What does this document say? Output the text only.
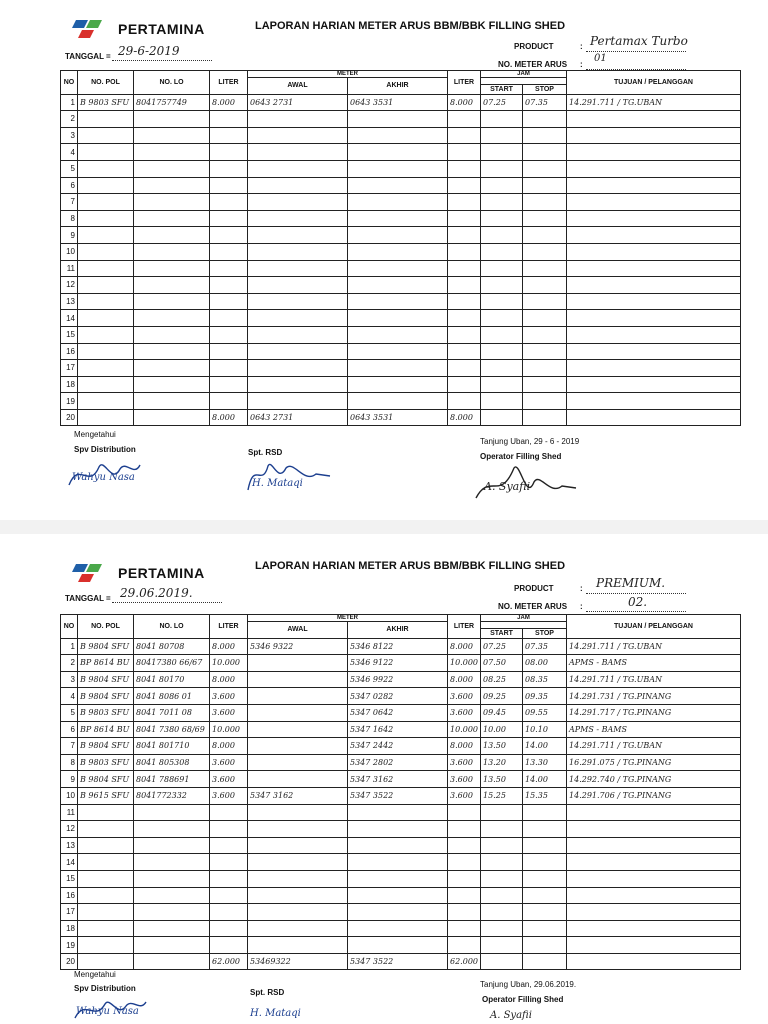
PERTAMINA	LAPORAN HARIAN METER ARUS BBM/BBK FILLING SHED
TANGGAL = 29-6-2019	PRODUCT	: Pertamax Turbo
NO. METER ARUS :
01
NO	NO. POL	NO. LO	LITER	METER		LITER	JAM		TUJUAN / PELANGGAN
				AWAL	AKHIR				
							START	STOP	
1	B 9803 SFU	8041757749	8.000	0643 2731	0643 3531	8.000	07.25	07.35	14.291.711 / TG.UBAN
2									
3									
4									
5									
6									
7									
8									
9									
10									
11									
12									
13									
14									
15									
16									
17									
18									
19									
20			8.000	0643 2731	0643 3531	8.000			
Mengetahui
Spv Distribution
Wahyu Nasa
Spt. RSD
H. Mataqi
Tanjung Uban, 29 - 6 - 2019
Operator Filling Shed
A. Syafii
PERTAMINA	LAPORAN HARIAN METER ARUS BBM/BBK FILLING SHED
TANGGAL = 29.06.2019.	PRODUCT	: PREMIUM.
NO. METER ARUS :	02.
NO	NO. POL	NO. LO	LITER	METER		LITER	JAM		TUJUAN / PELANGGAN
				AWAL	AKHIR				
							START	STOP	
1	B 9804 SFU	8041 80708	8.000	5346 9322	5346 8122	8.000	07.25	07.35	14.291.711 / TG.UBAN
2	BP 8614 BU	80417380 66/67	10.000		5346 9122	10.000	07.50	08.00	APMS - BAMS
3	B 9804 SFU	8041 80170	8.000		5346 9922	8.000	08.25	08.35	14.291.711 / TG.UBAN
4	B 9804 SFU	8041 8086 01	3.600		5347 0282	3.600	09.25	09.35	14.291.731 / TG.PINANG
5	B 9803 SFU	8041 7011 08	3.600		5347 0642	3.600	09.45	09.55	14.291.717 / TG.PINANG
6	BP 8614 BU	8041 7380 68/69	10.000		5347 1642	10.000	10.00	10.10	APMS - BAMS
7	B 9804 SFU	8041 801710	8.000		5347 2442	8.000	13.50	14.00	14.291.711 / TG.UBAN
8	B 9803 SFU	8041 805308	3.600		5347 2802	3.600	13.20	13.30	16.291.075 / TG.PINANG
9	B 9804 SFU	8041 788691	3.600		5347 3162	3.600	13.50	14.00	14.292.740 / TG.PINANG
10	B 9615 SFU	8041772332	3.600	5347 3162	5347 3522	3.600	15.25	15.35	14.291.706 / TG.PINANG
11									
12									
13									
14									
15									
16									
17									
18									
19									
20			62.000	53469322	5347 3522	62.000			
Mengetahui
Spv Distribution
Wahyu Nasa
Spt. RSD
H. Mataqi
Tanjung Uban, 29.06.2019.
Operator Filling Shed
A. Syafii
